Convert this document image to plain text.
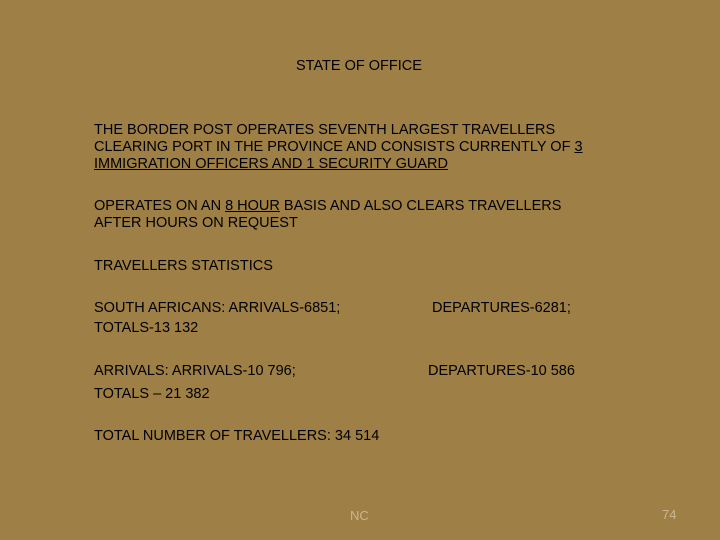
STATE OF OFFICE
THE BORDER POST OPERATES SEVENTH LARGEST TRAVELLERS
CLEARING PORT IN THE PROVINCE AND CONSISTS CURRENTLY OF 3
IMMIGRATION OFFICERS AND 1 SECURITY GUARD
OPERATES ON AN 8 HOUR BASIS AND ALSO CLEARS TRAVELLERS
AFTER HOURS ON REQUEST
TRAVELLERS STATISTICS
SOUTH AFRICANS: ARRIVALS-6851;	DEPARTURES-6281;
TOTALS-13 132
ARRIVALS: ARRIVALS-10 796;	DEPARTURES-10 586
TOTALS – 21 382
TOTAL NUMBER OF TRAVELLERS: 34 514
NC	74
